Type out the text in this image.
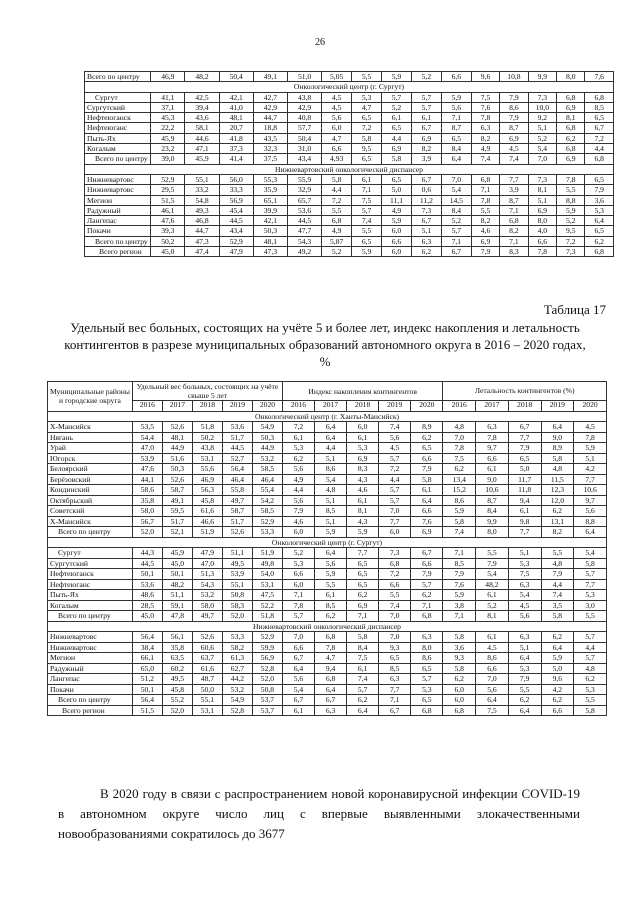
26
Всего по центру	46,9	48,2	50,4	49,1	51,0	5,05	5,5	5,9	5,2	6,6	9,6	10,8	9,9	8,0	7,6
Онкологический центр (г. Сургут)															
Сургут	41,1	42,5	42,1	42,7	43,8	4,5	5,3	5,7	5,7	5,9	7,5	7,9	7,3	6,8	6,8
Сургутский	37,1	39,4	41,0	42,9	42,9	4,5	4,7	5,2	5,7	5,6	7,6	8,6	10,0	6,9	8,5
Нефтеюганск	45,3	43,6	48,1	44,7	40,8	5,6	6,5	6,1	6,1	7,1	7,8	7,9	9,2	8,1	6,5
Нефтеюганс	22,2	58,1	20,7	18,8	57,7	6,0	7,2	6,5	6,7	8,7	6,3	8,7	5,1	6,8	6,7
Пыть-Ях	45,9	44,6	41,8	43,5	50,4	4,7	5,8	4,4	6,9	6,5	8,2	6,9	5,2	6,2	7,2
Когалым	23,2	47,1	37,3	32,3	31,0	6,6	9,5	6,9	8,2	8,4	4,9	4,5	5,4	6,8	4,4
Всего по центру	39,0	45,9	41,4	37,5	43,4	4,93	6,5	5,8	3,9	6,4	7,4	7,4	7,0	6,9	6,8
Нижневартовский онкологический диспансер															
Нижневартовс	52,9	55,1	56,0	55,3	55,9	5,8	6,1	6,5	6,7	7,0	6,8	7,7	7,3	7,8	6,5
Нижневартовс	29,5	33,2	33,3	35,9	32,9	4,4	7,1	5,0	0,6	5,4	7,1	3,9	8,1	5,5	7,9
Мегион	51,5	54,8	56,9	65,1	65,7	7,2	7,5	11,1	11,2	14,5	7,8	8,7	5,1	8,8	3,6
Радужный	46,1	49,3	45,4	39,9	53,6	5,5	5,7	4,9	7,3	8,4	5,5	7,1	6,9	5,9	5,3
Лангепас	47,6	46,8	44,5	42,1	44,5	6,8	7,4	5,9	6,7	5,2	8,2	6,8	8,0	5,2	6,4
Покачи	39,3	44,7	43,4	50,3	47,7	4,9	5,5	6,0	5,1	5,7	4,6	8,2	4,0	9,5	6,5
Всего по центру	50,2	47,3	52,9	48,1	54,3	5,87	6,5	6,6	6,3	7,1	6,9	7,1	6,6	7,2	6,2
Всего регион	45,0	47,4	47,9	47,3	49,2	5,2	5,9	6,0	6,2	6,7	7,9	8,3	7,8	7,3	6,8
Таблица 17
Удельный вес больных, состоящих на учёте 5 и более лет, индекс накопления и летальность контингентов в разрезе муниципальных образований автономного округа в 2016 – 2020 годах, %
Муниципальные районы и городские округа	Удельный вес больных, состоящих на учёте свыше 5 лет					Индекс накопления контингентов					Летальность контингентов (%)				
	2016	2017	2018	2019	2020	2016	2017	2018	2019	2020	2016	2017	2018	2019	2020
Онкологический центр (г. Ханты-Мансийск)															
Х-Мансийск	53,5	52,6	51,8	53,6	54,9	7,2	6,4	6,0	7,4	8,9	4,8	6,3	6,7	6,4	4,5
Нягань	54,4	48,1	50,2	51,7	50,3	6,1	6,4	6,1	5,6	6,2	7,0	7,8	7,7	9,0	7,8
Урай	47,0	44,9	43,8	44,5	44,9	5,3	4,4	5,3	4,5	6,5	7,8	9,7	7,9	8,9	5,9
Югорск	53,9	51,6	53,1	52,7	53,2	6,2	5,1	6,9	5,7	6,6	7,5	6,6	6,5	5,8	5,1
Белоярский	47,6	50,3	55,6	56,4	58,5	5,6	8,6	8,3	7,2	7,9	6,2	6,1	5,0	4,8	4,2
Берёзовский	44,1	52,6	46,9	46,4	46,4	4,9	5,4	4,3	4,4	5,8	13,4	9,0	11,7	11,5	7,7
Кондинский	58,6	58,7	56,3	55,8	55,4	4,4	4,8	4,6	5,7	6,1	15,2	10,6	11,8	12,3	10,6
Октябрьский	35,8	49,1	45,8	49,7	54,2	5,6	5,1	6,1	5,7	6,4	8,6	8,7	9,4	12,0	9,7
Советский	58,0	59,5	61,6	58,7	58,5	7,9	8,5	8,1	7,0	6,6	5,9	8,4	6,1	6,2	5,6
Х-Мансийск	56,7	51,7	46,6	51,7	52,9	4,6	5,1	4,3	7,7	7,6	5,8	9,9	9,8	13,1	8,8
Всего по центру	52,0	52,1	51,9	52,6	53,3	6,0	5,9	5,9	6,0	6,9	7,4	8,0	7,7	8,2	6,4
Онкологический центр (г. Сургут)															
Сургут	44,3	45,9	47,9	51,1	51,9	5,2	6,4	7,7	7,3	6,7	7,1	5,5	5,1	5,5	5,4
Сургутский	44,5	45,0	47,0	49,5	49,8	5,3	5,6	6,5	6,8	6,6	8,5	7,9	5,3	4,8	5,8
Нефтеюганск	50,1	50,1	51,3	53,9	54,0	6,6	5,9	6,5	7,2	7,9	7,9	5,4	7,5	7,9	5,7
Нефтеюганс	53,6	48,2	54,3	55,1	53,1	6,0	5,5	6,5	6,6	5,7	7,6	48,2	6,3	4,4	7,7
Пыть-Ях	48,6	51,1	53,2	50,8	47,5	7,1	6,1	6,2	5,5	6,2	5,9	6,1	5,4	7,4	5,3
Когалым	28,5	59,1	58,0	58,3	52,2	7,8	8,5	6,9	7,4	7,1	3,8	5,2	4,5	3,5	3,0
Всего по центру	45,0	47,8	49,7	52,0	51,8	5,7	6,2	7,1	7,0	6,8	7,1	8,1	5,6	5,8	5,5
Нижневартовский онкологический диспансер															
Нижневартовс	56,4	56,1	52,6	53,3	52,9	7,0	6,8	5,8	7,0	6,3	5,8	6,1	6,3	6,2	5,7
Нижневартовс	38,4	35,8	60,6	58,2	59,9	6,6	7,8	8,4	9,3	8,0	3,6	4,5	5,1	6,4	4,4
Мегион	66,1	63,5	63,7	61,3	56,9	6,7	4,7	7,5	6,5	8,6	9,3	8,6	6,4	5,9	5,7
Радужный	65,0	60,2	61,6	62,7	52,8	6,4	9,4	6,1	8,5	6,5	5,8	6,6	5,3	5,0	4,8
Лангепас	51,2	49,5	48,7	44,2	52,0	5,6	6,8	7,4	6,3	5,7	6,2	7,0	7,9	9,6	6,2
Покачи	50,1	45,8	50,0	53,2	50,8	5,4	6,4	5,7	7,7	5,3	6,0	5,6	5,5	4,2	5,3
Всего по центру	56,4	55,2	55,1	54,9	53,7	6,7	6,7	6,2	7,1	6,5	6,0	6,4	6,2	6,2	5,5
Всего регион	51,5	52,0	53,1	52,8	53,7	6,1	6,3	6,4	6,7	6,8	6,8	7,5	6,4	6,6	5,8
В 2020 году в связи с распространением новой коронавирусной инфекции COVID-19 в автономном округе число лиц с впервые выявленными злокачественными новообразованиями сократилось до 3677
